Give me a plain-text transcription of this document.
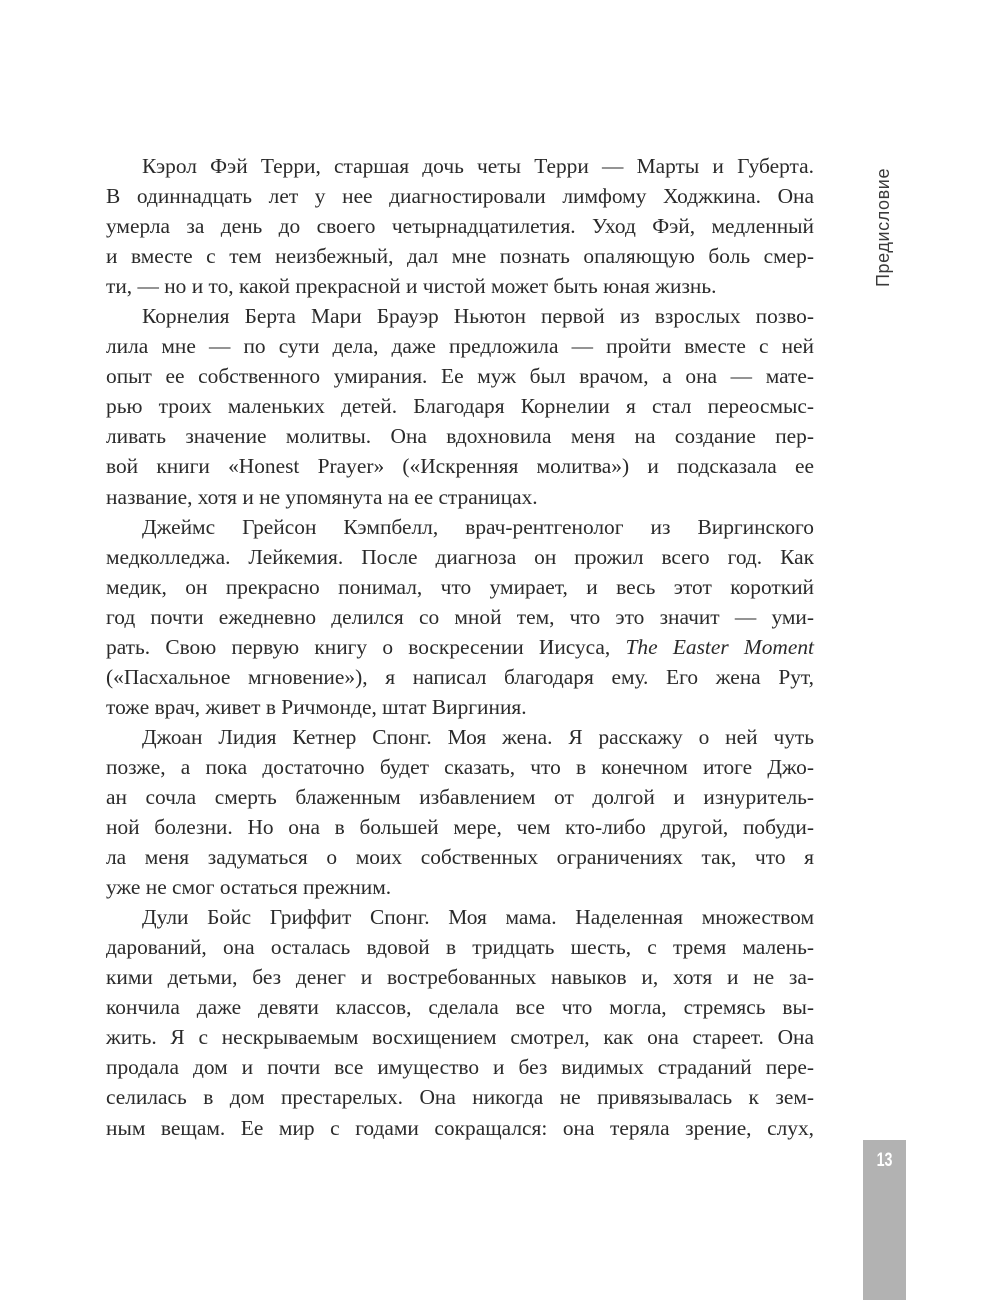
Кэрол Фэй Терри, старшая дочь четы Терри — Марты и Губерта.
В одиннадцать лет у нее диагностировали лимфому Ходжкина. Она
умерла за день до своего четырнадцатилетия. Уход Фэй, медленный
и вместе с тем неизбежный, дал мне познать опаляющую боль смер-
ти, — но и то, какой прекрасной и чистой может быть юная жизнь.
Корнелия Берта Мари Брауэр Ньютон первой из взрослых позво-
лила мне — по сути дела, даже предложила — пройти вместе с ней
опыт ее собственного умирания. Ее муж был врачом, а она — мате-
рью троих маленьких детей. Благодаря Корнелии я стал переосмыс-
ливать значение молитвы. Она вдохновила меня на создание пер-
вой книги «Honest Prayer» («Искренняя молитва») и подсказала ее
название, хотя и не упомянута на ее страницах.
Джеймс Грейсон Кэмпбелл, врач-рентгенолог из Виргинского
медколледжа. Лейкемия. После диагноза он прожил всего год. Как
медик, он прекрасно понимал, что умирает, и весь этот короткий
год почти ежедневно делился со мной тем, что это значит — уми-
рать. Свою первую книгу о воскресении Иисуса, The Easter Moment
(«Пасхальное мгновение»), я написал благодаря ему. Его жена Рут,
тоже врач, живет в Ричмонде, штат Виргиния.
Джоан Лидия Кетнер Спонг. Моя жена. Я расскажу о ней чуть
позже, а пока достаточно будет сказать, что в конечном итоге Джо-
ан сочла смерть блаженным избавлением от долгой и изнуритель-
ной болезни. Но она в большей мере, чем кто-либо другой, побуди-
ла меня задуматься о моих собственных ограничениях так, что я
уже не смог остаться прежним.
Дули Бойс Гриффит Спонг. Моя мама. Наделенная множеством
дарований, она осталась вдовой в тридцать шесть, с тремя малень-
кими детьми, без денег и востребованных навыков и, хотя и не за-
кончила даже девяти классов, сделала все что могла, стремясь вы-
жить. Я с нескрываемым восхищением смотрел, как она стареет. Она
продала дом и почти все имущество и без видимых страданий пере-
селилась в дом престарелых. Она никогда не привязывалась к зем-
ным вещам. Ее мир с годами сокращался: она теряла зрение, слух,
Предисловие
13
